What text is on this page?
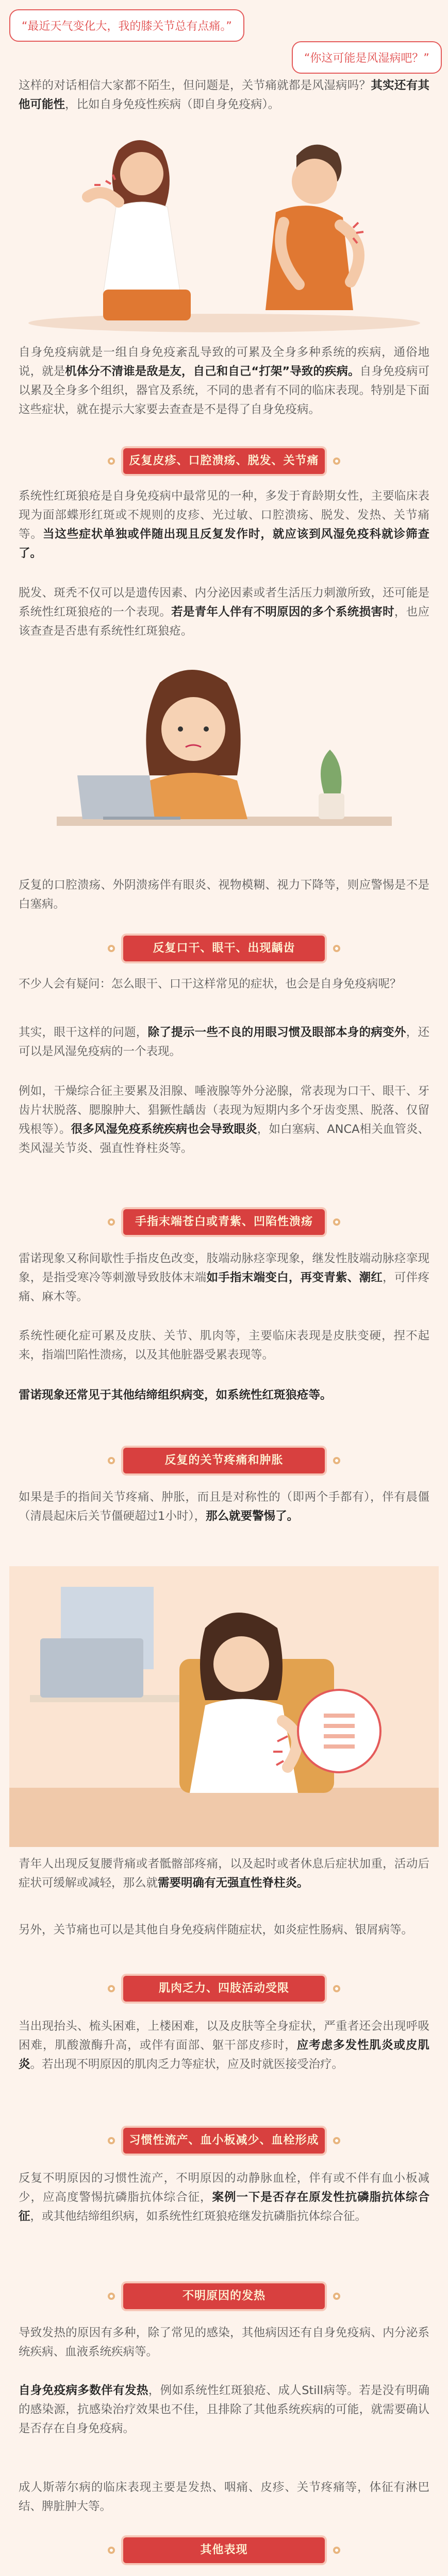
“最近天气变化大，我的膝关节总有点痛。”
“你这可能是风湿病吧？”
这样的对话相信大家都不陌生，但问题是，关节痛就都是风湿病吗？其实还有其他可能性，比如自身免疫性疾病（即自身免疫病）。
自身免疫病就是一组自身免疫紊乱导致的可累及全身多种系统的疾病，通俗地说，就是机体分不清谁是敌是友，自己和自己“打架”导致的疾病。自身免疫病可以累及全身多个组织，器官及系统，不同的患者有不同的临床表现。特别是下面这些症状，就在提示大家要去查查是不是得了自身免疫病。
反复皮疹、口腔溃疡、脱发、关节痛
系统性红斑狼疮是自身免疫病中最常见的一种，多发于育龄期女性，主要临床表现为面部蝶形红斑或不规则的皮疹、光过敏、口腔溃疡、脱发、发热、关节痛等。当这些症状单独或伴随出现且反复发作时，就应该到风湿免疫科就诊筛查了。
脱发、斑秃不仅可以是遗传因素、内分泌因素或者生活压力刺激所致，还可能是系统性红斑狼疮的一个表现。若是青年人伴有不明原因的多个系统损害时，也应该查查是否患有系统性红斑狼疮。
反复的口腔溃疡、外阴溃疡伴有眼炎、视物模糊、视力下降等，则应警惕是不是白塞病。
反复口干、眼干、出现龋齿
不少人会有疑问：怎么眼干、口干这样常见的症状，也会是自身免疫病呢？
其实，眼干这样的问题，除了提示一些不良的用眼习惯及眼部本身的病变外，还可以是风湿免疫病的一个表现。
例如，干燥综合征主要累及泪腺、唾液腺等外分泌腺，常表现为口干、眼干、牙齿片状脱落、腮腺肿大、猖獗性龋齿（表现为短期内多个牙齿变黑、脱落、仅留残根等）。很多风湿免疫系统疾病也会导致眼炎，如白塞病、ANCA相关血管炎、类风湿关节炎、强直性脊柱炎等。
手指末端苍白或青紫、凹陷性溃疡
雷诺现象又称间歇性手指皮色改变，肢端动脉痉挛现象，继发性肢端动脉痉挛现象，是指受寒冷等刺激导致肢体末端如手指末端变白，再变青紫、潮红，可伴疼痛、麻木等。
系统性硬化症可累及皮肤、关节、肌肉等，主要临床表现是皮肤变硬，捏不起来，指端凹陷性溃疡，以及其他脏器受累表现等。
雷诺现象还常见于其他结缔组织病变，如系统性红斑狼疮等。
反复的关节疼痛和肿胀
如果是手的指间关节疼痛、肿胀，而且是对称性的（即两个手都有），伴有晨僵（清晨起床后关节僵硬超过1小时），那么就要警惕了。
青年人出现反复腰背痛或者骶髂部疼痛，以及起时或者休息后症状加重，活动后症状可缓解或减轻，那么就需要明确有无强直性脊柱炎。
另外，关节痛也可以是其他自身免疫病伴随症状，如炎症性肠病、银屑病等。
肌肉乏力、四肢活动受限
当出现抬头、梳头困难，上楼困难，以及皮肤等全身症状，严重者还会出现呼吸困难，肌酸激酶升高，或伴有面部、躯干部皮疹时，应考虑多发性肌炎或皮肌炎。若出现不明原因的肌肉乏力等症状，应及时就医接受治疗。
习惯性流产、血小板减少、血栓形成
反复不明原因的习惯性流产，不明原因的动静脉血栓，伴有或不伴有血小板减少，应高度警惕抗磷脂抗体综合征，案例一下是否存在原发性抗磷脂抗体综合征，或其他结缔组织病，如系统性红斑狼疮继发抗磷脂抗体综合征。
不明原因的发热
导致发热的原因有多种，除了常见的感染，其他病因还有自身免疫病、内分泌系统疾病、血液系统疾病等。
自身免疫病多数伴有发热，例如系统性红斑狼疮、成人Still病等。若是没有明确的感染源，抗感染治疗效果也不佳，且排除了其他系统疾病的可能，就需要确认是否存在自身免疫病。
成人斯蒂尔病的临床表现主要是发热、咽痛、皮疹、关节疼痛等，体征有淋巴结、脾脏肿大等。
其他表现
